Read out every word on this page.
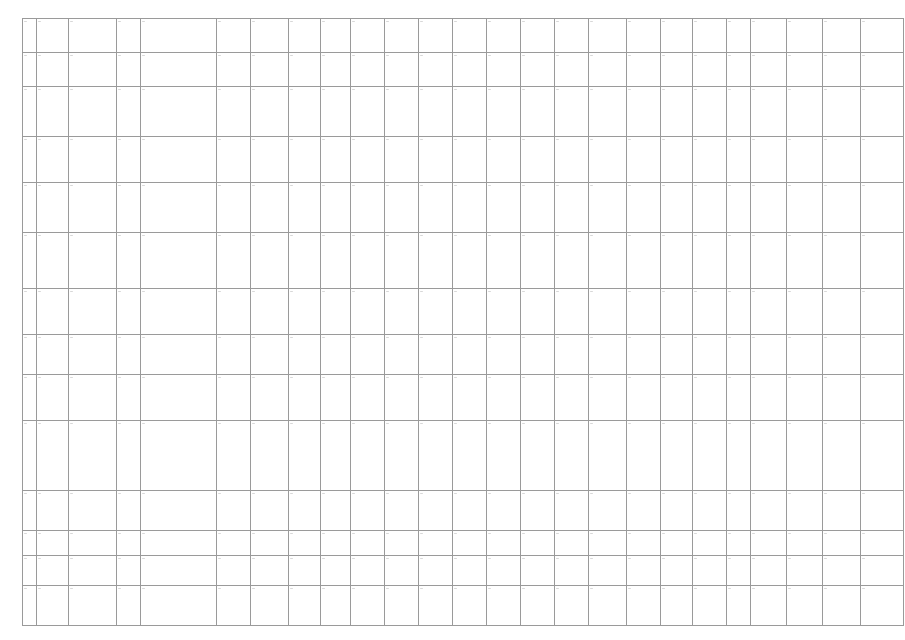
—	—	—	—	—	—	—	—	—	—	—	—	—	—	—	—	—	—	—	—	—	—	—	—	—
—	—	—	—	—	—	—	—	—	—	—	—	—	—	—	—	—	—	—	—	—	—	—	—	—
—	—	—	—	—	—	—	—	—	—	—	—	—	—	—	—	—	—	—	—	—	—	—	—	—
—	—	—	—	—	—	—	—	—	—	—	—	—	—	—	—	—	—	—	—	—	—	—	—	—
—	—	—	—	—	—	—	—	—	—	—	—	—	—	—	—	—	—	—	—	—	—	—	—	—
—	—	—	—	—	—	—	—	—	—	—	—	—	—	—	—	—	—	—	—	—	—	—	—	—
—	—	—	—	—	—	—	—	—	—	—	—	—	—	—	—	—	—	—	—	—	—	—	—	—
—	—	—	—	—	—	—	—	—	—	—	—	—	—	—	—	—	—	—	—	—	—	—	—	—
—	—	—	—	—	—	—	—	—	—	—	—	—	—	—	—	—	—	—	—	—	—	—	—	—
—	—	—	—	—	—	—	—	—	—	—	—	—	—	—	—	—	—	—	—	—	—	—	—	—
—	—	—	—	—	—	—	—	—	—	—	—	—	—	—	—	—	—	—	—	—	—	—	—	—
—	—	—	—	—	—	—	—	—	—	—	—	—	—	—	—	—	—	—	—	—	—	—	—	—
—	—	—	—	—	—	—	—	—	—	—	—	—	—	—	—	—	—	—	—	—	—	—	—	—
—	—	—	—	—	—	—	—	—	—	—	—	—	—	—	—	—	—	—	—	—	—	—	—	—
